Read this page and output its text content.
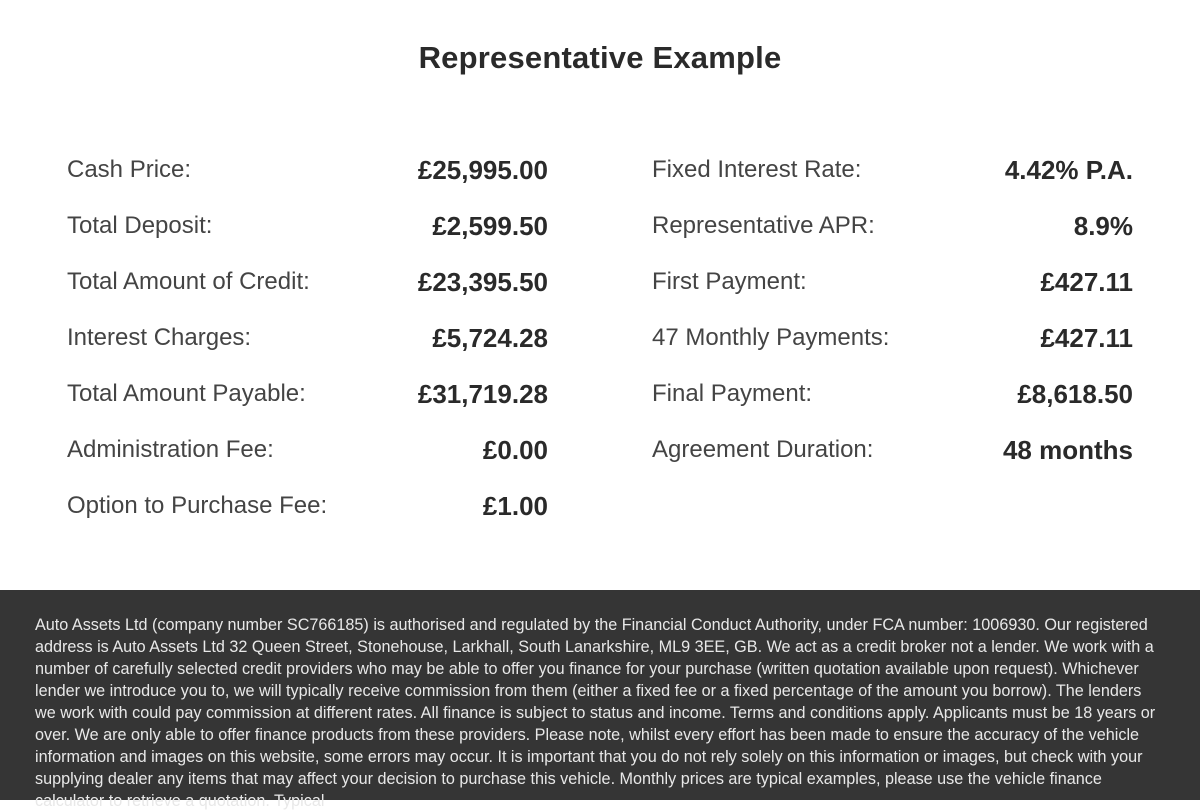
Representative Example
Cash Price:	£25,995.00
Total Deposit:	£2,599.50
Total Amount of Credit:	£23,395.50
Interest Charges:	£5,724.28
Total Amount Payable:	£31,719.28
Administration Fee:	£0.00
Option to Purchase Fee:	£1.00
Fixed Interest Rate:	4.42% P.A.
Representative APR:	8.9%
First Payment:	£427.11
47 Monthly Payments:	£427.11
Final Payment:	£8,618.50
Agreement Duration:	48 months

Auto Assets Ltd (company number SC766185) is authorised and regulated by the Financial Conduct Authority, under FCA number: 1006930. Our registered address is Auto Assets Ltd 32 Queen Street, Stonehouse, Larkhall, South Lanarkshire, ML9 3EE, GB. We act as a credit broker not a lender. We work with a number of carefully selected credit providers who may be able to offer you finance for your purchase (written quotation available upon request). Whichever lender we introduce you to, we will typically receive commission from them (either a fixed fee or a fixed percentage of the amount you borrow). The lenders we work with could pay commission at different rates. All finance is subject to status and income. Terms and conditions apply. Applicants must be 18 years or over. We are only able to offer finance products from these providers. Please note, whilst every effort has been made to ensure the accuracy of the vehicle information and images on this website, some errors may occur. It is important that you do not rely solely on this information or images, but check with your supplying dealer any items that may affect your decision to purchase this vehicle. Monthly prices are typical examples, please use the vehicle finance calculator to retrieve a quotation. Typical
